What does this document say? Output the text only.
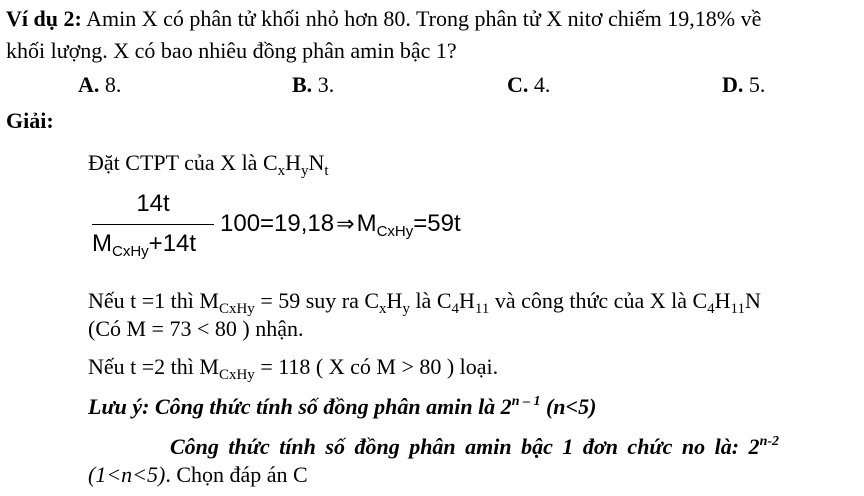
Ví dụ 2: Amin X có phân tử khối nhỏ hơn 80. Trong phân tử X nitơ chiếm 19,18% về
khối lượng. X có bao nhiêu đồng phân amin bậc 1?
A. 8.	B. 3.	C. 4.	D. 5.
Giải:
Đặt CTPT của X là $C_xH_yN_t$
14t
$M_{CxHy}+14t$
$100=19,18\Rightarrow M_{CxHy}=59t$
Nếu t =1 thì $M_{CxHy} = 59$ suy ra $C_xH_y$ là $C_4H_{11}$ và công thức của X là $C_4H_{11}N$
(Có M = 73 < 80 ) nhận.
Nếu t =2 thì $M_{CxHy} = 118$ ( X có M > 80 ) loại.
Lưu ý: Công thức tính số đồng phân amin là 2$^{n - 1}$ (n<5)
Công thức tính số đồng phân amin bậc 1 đơn chức no là: 2$^{n-2}$
(1<n<5). Chọn đáp án C
